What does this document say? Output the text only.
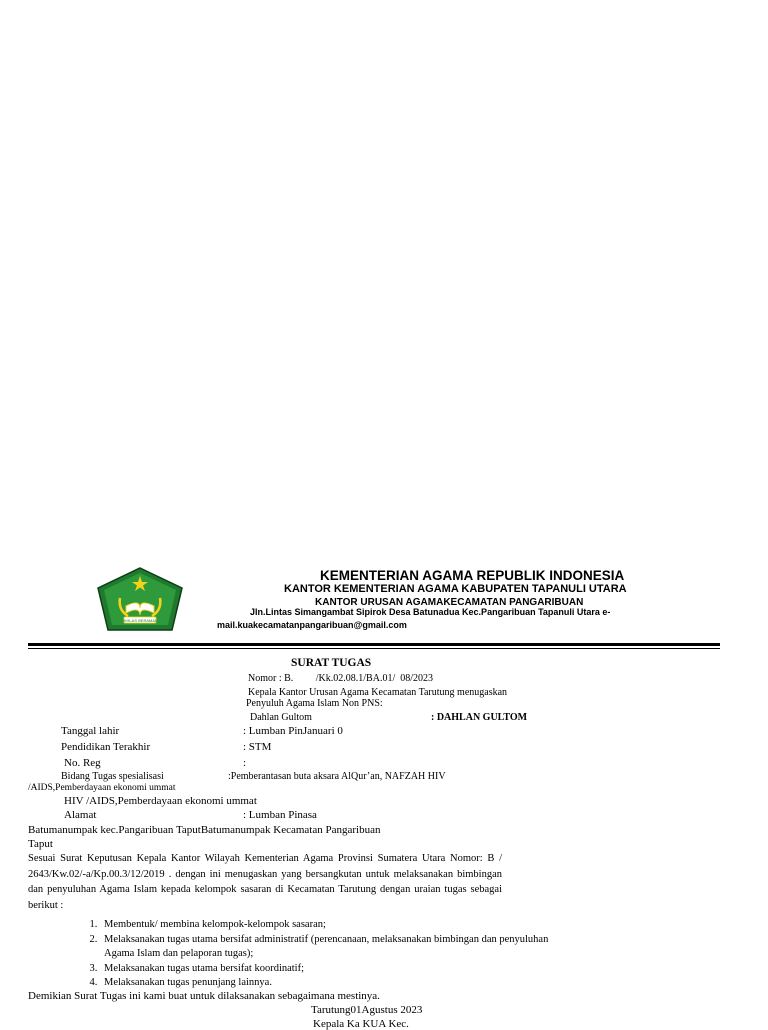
IKHLAS BERAMAL
KEMENTERIAN AGAMA REPUBLIK INDONESIA
KANTOR KEMENTERIAN AGAMA KABUPATEN TAPANULI UTARA
KANTOR URUSAN AGAMAKECAMATAN PANGARIBUAN
Jln.Lintas Simangambat Sipirok Desa Batunadua Kec.Pangaribuan Tapanuli Utara e-
mail.kuakecamatanpangaribuan@gmail.com
SURAT TUGAS
Nomor : B.         /Kk.02.08.1/BA.01/  08/2023
Kepala Kantor Urusan Agama Kecamatan Tarutung menugaskan
Penyuluh Agama Islam Non PNS:
Dahlan Gultom	: DAHLAN GULTOM
Tanggal lahir	: Lumban PinJanuari 0
Pendidikan Terakhir	: STM
No. Reg	:
Bidang Tugas spesialisasi	:Pemberantasan buta aksara AlQur’an, NAFZAH HIV
/AIDS,Pemberdayaan ekonomi ummat
HIV /AIDS,Pemberdayaan ekonomi ummat
Alamat	: Lumban Pinasa
Batumanumpak kec.Pangaribuan TaputBatumanumpak Kecamatan Pangaribuan
Taput
Sesuai Surat Keputusan Kepala Kantor Wilayah Kementerian Agama Provinsi Sumatera Utara Nomor: B / 2643/Kw.02/-a/Kp.00.3/12/2019 . dengan ini menugaskan yang bersangkutan untuk melaksanakan bimbingan dan penyuluhan Agama Islam kepada kelompok sasaran di Kecamatan Tarutung dengan uraian tugas sebagai berikut :
1. Membentuk/ membina kelompok-kelompok sasaran;
2. Melaksanakan tugas utama bersifat administratif (perencanaan, melaksanakan bimbingan dan penyuluhan Agama Islam dan pelaporan tugas);
3. Melaksanakan tugas utama bersifat koordinatif;
4. Melaksanakan tugas penunjang lainnya.
Demikian Surat Tugas ini kami buat untuk dilaksanakan sebagaimana mestinya.
Tarutung01Agustus 2023
Kepala Ka KUA Kec.
